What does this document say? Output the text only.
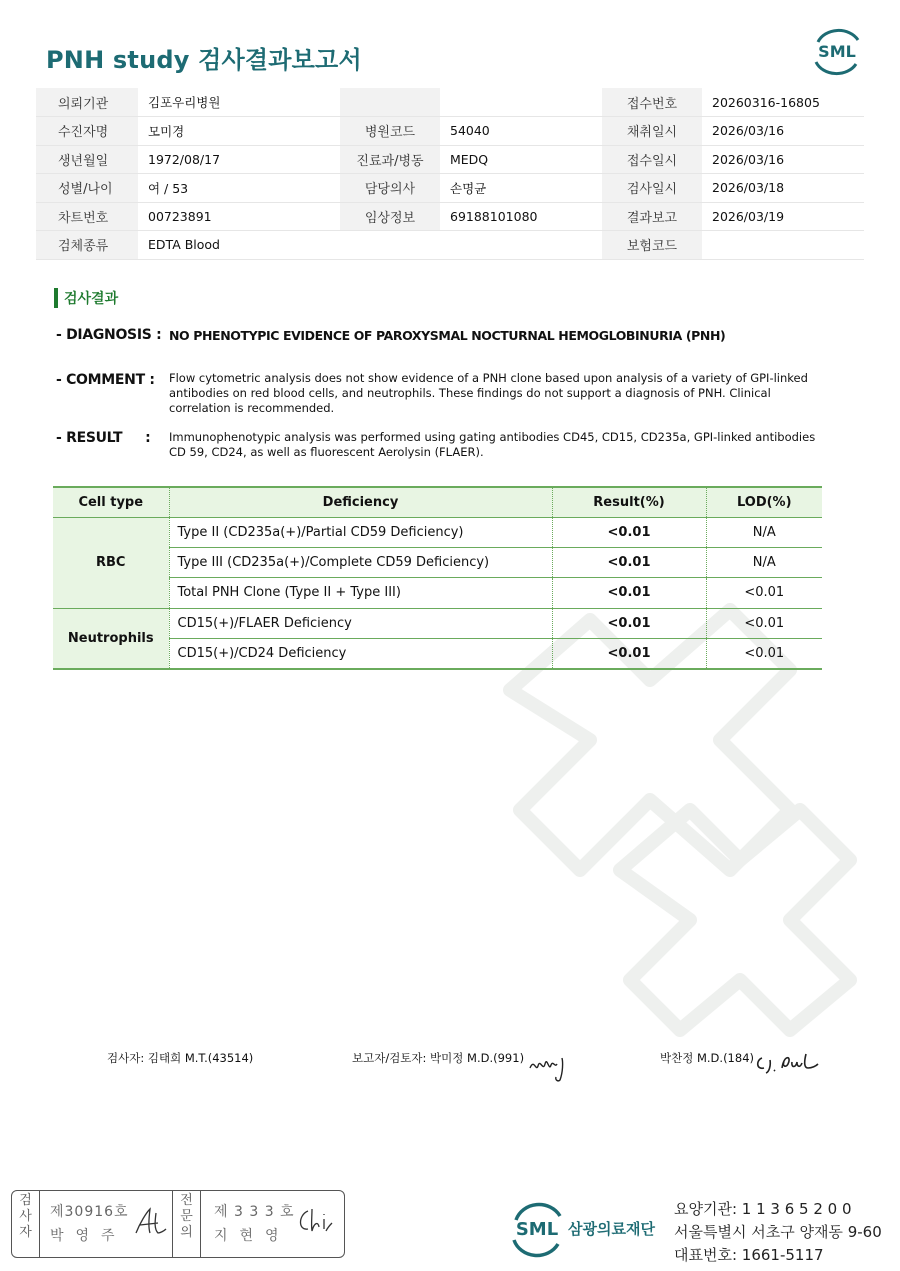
PNH study 검사결과보고서	SML
의뢰기관	김포우리병원			접수번호	20260316-16805
수진자명	모미경	병원코드	54040	채취일시	2026/03/16
생년월일	1972/08/17	진료과/병동	MEDQ	접수일시	2026/03/16
성별/나이	여 / 53	담당의사	손명균	검사일시	2026/03/18
차트번호	00723891	임상정보	69188101080	결과보고	2026/03/19
검체종류	EDTA Blood			보험코드	
검사결과
- DIAGNOSIS : NO PHENOTYPIC EVIDENCE OF PAROXYSMAL NOCTURNAL HEMOGLOBINURIA (PNH)
- COMMENT : Flow cytometric analysis does not show evidence of a PNH clone based upon analysis of a variety of GPI-linked antibodies on red blood cells, and neutrophils. These findings do not support a diagnosis of PNH. Clinical correlation is recommended.
- RESULT     : Immunophenotypic analysis was performed using gating antibodies CD45, CD15, CD235a, GPI-linked antibodies CD 59, CD24, as well as fluorescent Aerolysin (FLAER).
Cell type	Deficiency	Result(%)	LOD(%)
RBC	Type II (CD235a(+)/Partial CD59 Deficiency)	<0.01	N/A
	Type III (CD235a(+)/Complete CD59 Deficiency)	<0.01	N/A
	Total PNH Clone (Type II + Type III)	<0.01	<0.01
Neutrophils	CD15(+)/FLAER Deficiency	<0.01	<0.01
	CD15(+)/CD24 Deficiency	<0.01	<0.01
검사자: 김태희 M.T.(43514)	보고자/검토자: 박미정 M.D.(991)	박찬정 M.D.(184)
검
사
자
제30916호
박영주
전
문
의
제 3 3 3 호
지현영	SML 삼광의료재단
요양기관: 1 1 3 6 5 2 0 0
서울특별시 서초구 양재동 9-60
대표번호: 1661-5117
